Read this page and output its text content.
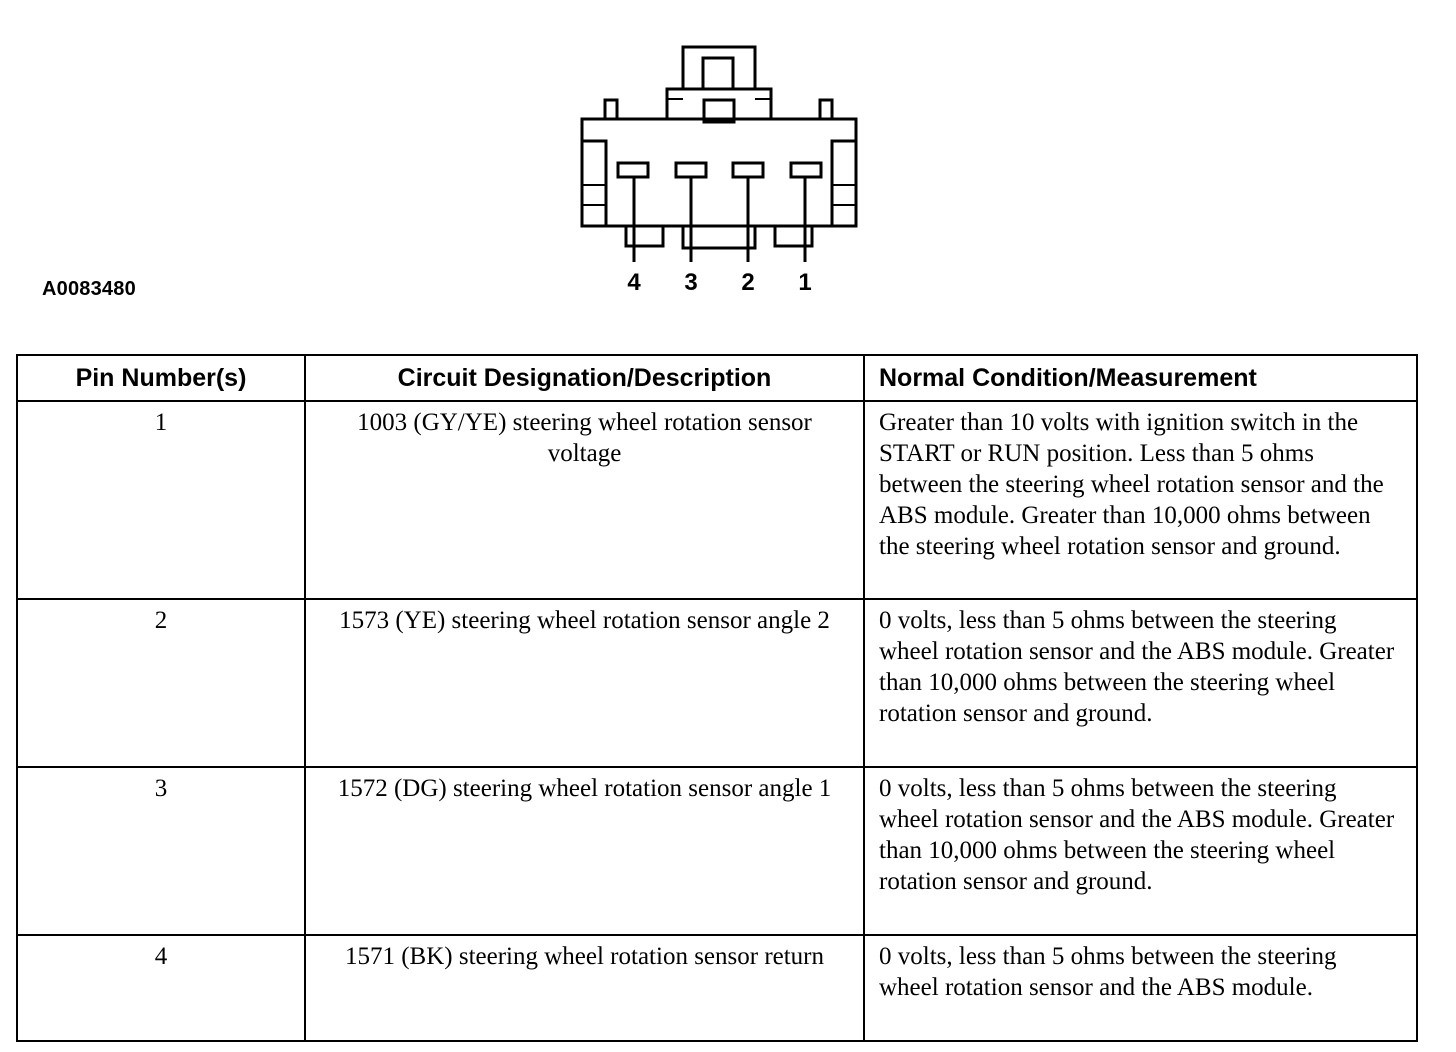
A0083480	4 3 2 1
Pin Number(s)	Circuit Designation/Description	Normal Condition/Measurement
1	1003 (GY/YE) steering wheel rotation sensor voltage	Greater than 10 volts with ignition switch in the START or RUN position. Less than 5 ohms between the steering wheel rotation sensor and the ABS module. Greater than 10,000 ohms between the steering wheel rotation sensor and ground.
2	1573 (YE) steering wheel rotation sensor angle 2	0 volts, less than 5 ohms between the steering wheel rotation sensor and the ABS module. Greater than 10,000 ohms between the steering wheel rotation sensor and ground.
3	1572 (DG) steering wheel rotation sensor angle 1	0 volts, less than 5 ohms between the steering wheel rotation sensor and the ABS module. Greater than 10,000 ohms between the steering wheel rotation sensor and ground.
4	1571 (BK) steering wheel rotation sensor return	0 volts, less than 5 ohms between the steering wheel rotation sensor and the ABS module.
